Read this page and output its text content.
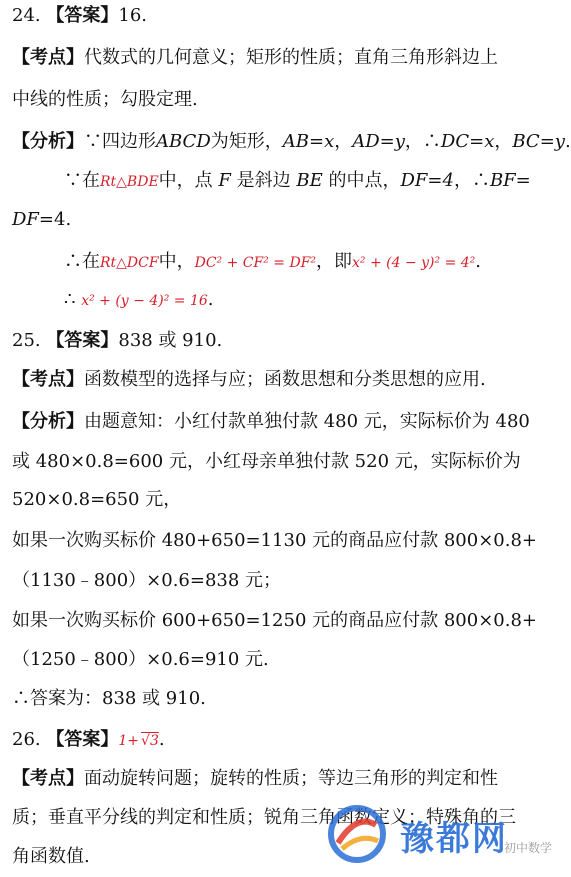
24. 【答案】16.
【考点】代数式的几何意义；矩形的性质；直角三角形斜边上
中线的性质；勾股定理.
【分析】∵四边形ABCD为矩形，AB=x，AD=y，∴DC=x，BC=y.
∵在Rt△BDE中，点 F 是斜边 BE 的中点，DF=4，∴BF=
DF=4.
∴在Rt△DCF中，DC² + CF² = DF²，即x² + (4 − y)² = 4².
∴ x² + (y − 4)² = 16.
25. 【答案】838 或 910.
【考点】函数模型的选择与应；函数思想和分类思想的应用.
【分析】由题意知：小红付款单独付款 480 元，实际标价为 480
或 480×0.8=600 元，小红母亲单独付款 520 元，实际标价为
520×0.8=650 元，
如果一次购买标价 480+650=1130 元的商品应付款 800×0.8+
（1130﹣800）×0.6=838 元；
如果一次购买标价 600+650=1250 元的商品应付款 800×0.8+
（1250﹣800）×0.6=910 元.
∴答案为：838 或 910.
26. 【答案】1+ √3.
【考点】面动旋转问题；旋转的性质；等边三角形的判定和性
质；垂直平分线的判定和性质；锐角三角函数定义；特殊角的三
角函数值.	豫都网
初中数学
